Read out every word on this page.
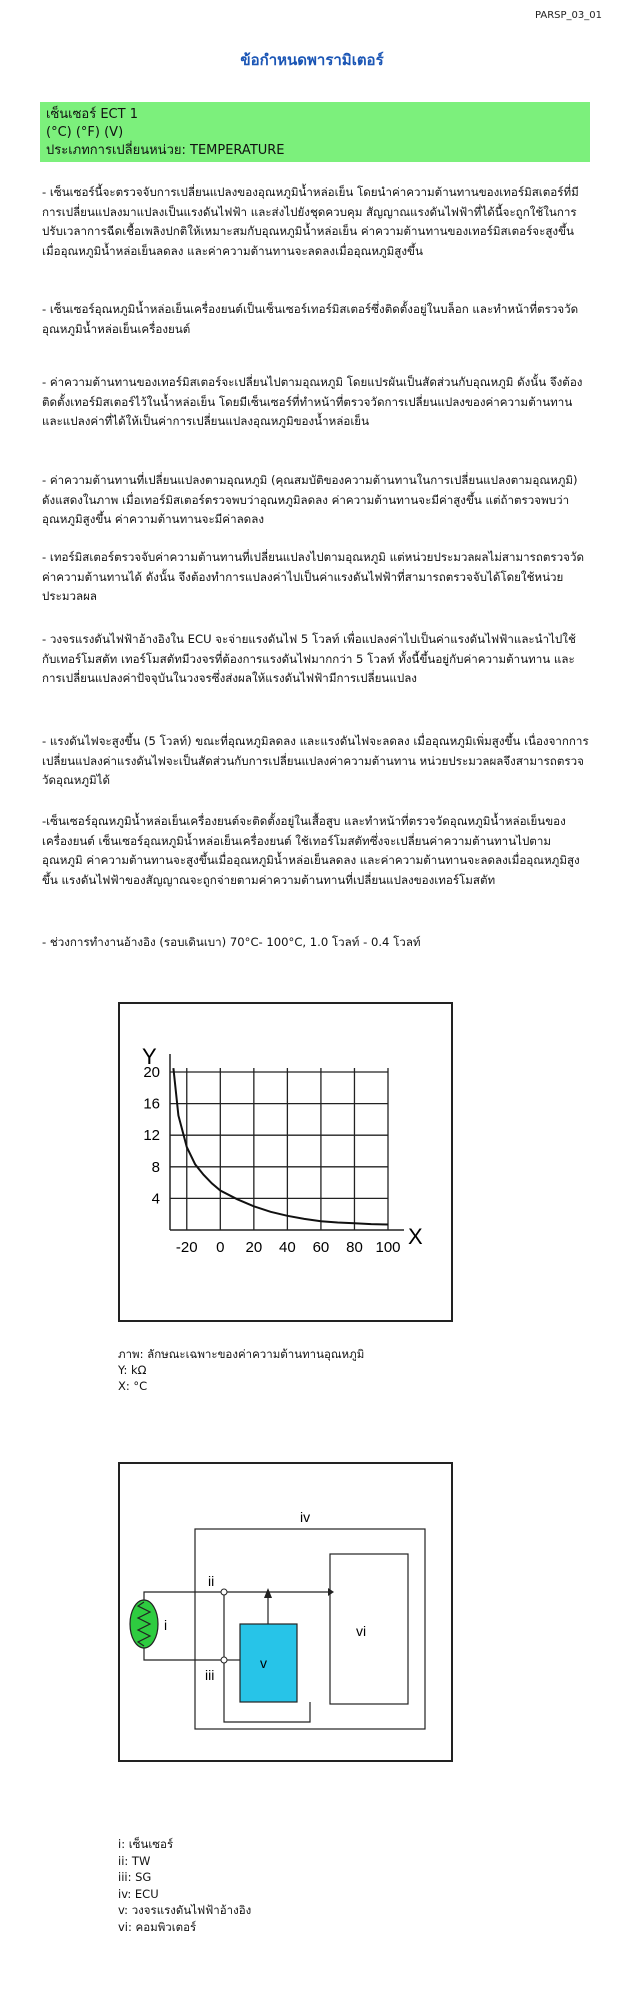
PARSP_03_01
ข้อกำหนดพารามิเตอร์
เซ็นเซอร์ ECT 1
(°C) (°F) (V)
ประเภทการเปลี่ยนหน่วย: TEMPERATURE
- เซ็นเซอร์นี้จะตรวจจับการเปลี่ยนแปลงของอุณหภูมิน้ำหล่อเย็น โดยนำค่าความต้านทานของเทอร์มิสเตอร์ที่มีการเปลี่ยนแปลงมาแปลงเป็นแรงดันไฟฟ้า และส่งไปยังชุดควบคุม สัญญาณแรงดันไฟฟ้าที่ได้นี้จะถูกใช้ในการปรับเวลาการฉีดเชื้อเพลิงปกติให้เหมาะสมกับอุณหภูมิน้ำหล่อเย็น ค่าความต้านทานของเทอร์มิสเตอร์จะสูงขึ้นเมื่ออุณหภูมิน้ำหล่อเย็นลดลง และค่าความต้านทานจะลดลงเมื่ออุณหภูมิสูงขึ้น
- เซ็นเซอร์อุณหภูมิน้ำหล่อเย็นเครื่องยนต์เป็นเซ็นเซอร์เทอร์มิสเตอร์ซึ่งติดตั้งอยู่ในบล็อก และทำหน้าที่ตรวจวัดอุณหภูมิน้ำหล่อเย็นเครื่องยนต์
- ค่าความต้านทานของเทอร์มิสเตอร์จะเปลี่ยนไปตามอุณหภูมิ โดยแปรผันเป็นสัดส่วนกับอุณหภูมิ ดังนั้น จึงต้องติดตั้งเทอร์มิสเตอร์ไว้ในน้ำหล่อเย็น โดยมีเซ็นเซอร์ที่ทำหน้าที่ตรวจวัดการเปลี่ยนแปลงของค่าความต้านทาน และแปลงค่าที่ได้ให้เป็นค่าการเปลี่ยนแปลงอุณหภูมิของน้ำหล่อเย็น
- ค่าความต้านทานที่เปลี่ยนแปลงตามอุณหภูมิ (คุณสมบัติของความต้านทานในการเปลี่ยนแปลงตามอุณหภูมิ) ดังแสดงในภาพ เมื่อเทอร์มิสเตอร์ตรวจพบว่าอุณหภูมิลดลง ค่าความต้านทานจะมีค่าสูงขึ้น แต่ถ้าตรวจพบว่าอุณหภูมิสูงขึ้น ค่าความต้านทานจะมีค่าลดลง
- เทอร์มิสเตอร์ตรวจจับค่าความต้านทานที่เปลี่ยนแปลงไปตามอุณหภูมิ แต่หน่วยประมวลผลไม่สามารถตรวจวัดค่าความต้านทานได้ ดังนั้น จึงต้องทำการแปลงค่าไปเป็นค่าแรงดันไฟฟ้าที่สามารถตรวจจับได้โดยใช้หน่วยประมวลผล
- วงจรแรงดันไฟฟ้าอ้างอิงใน ECU จะจ่ายแรงดันไฟ 5 โวลท์ เพื่อแปลงค่าไปเป็นค่าแรงดันไฟฟ้าและนำไปใช้กับเทอร์โมสตัท เทอร์โมสตัทมีวงจรที่ต้องการแรงดันไฟมากกว่า 5 โวลท์ ทั้งนี้ขึ้นอยู่กับค่าความต้านทาน และการเปลี่ยนแปลงค่าปัจจุบันในวงจรซึ่งส่งผลให้แรงดันไฟฟ้ามีการเปลี่ยนแปลง
- แรงดันไฟจะสูงขึ้น (5 โวลท์) ขณะที่อุณหภูมิลดลง และแรงดันไฟจะลดลง เมื่ออุณหภูมิเพิ่มสูงขึ้น เนื่องจากการเปลี่ยนแปลงค่าแรงดันไฟจะเป็นสัดส่วนกับการเปลี่ยนแปลงค่าความต้านทาน หน่วยประมวลผลจึงสามารถตรวจวัดอุณหภูมิได้
-เซ็นเซอร์อุณหภูมิน้ำหล่อเย็นเครื่องยนต์จะติดตั้งอยู่ในเสื้อสูบ และทำหน้าที่ตรวจวัดอุณหภูมิน้ำหล่อเย็นของเครื่องยนต์ เซ็นเซอร์อุณหภูมิน้ำหล่อเย็นเครื่องยนต์ ใช้เทอร์โมสตัทซึ่งจะเปลี่ยนค่าความต้านทานไปตามอุณหภูมิ ค่าความต้านทานจะสูงขึ้นเมื่ออุณหภูมิน้ำหล่อเย็นลดลง และค่าความต้านทานจะลดลงเมื่ออุณหภูมิสูงขึ้น แรงดันไฟฟ้าของสัญญาณจะถูกจ่ายตามค่าความต้านทานที่เปลี่ยนแปลงของเทอร์โมสตัท
- ช่วงการทำงานอ้างอิง (รอบเดินเบา) 70°C- 100°C, 1.0 โวลท์ - 0.4 โวลท์
-20 0 20 40 60 80 100
4
8
12
16
20
Y
X
ภาพ: ลักษณะเฉพาะของค่าความต้านทานอุณหภูมิ
Y: kΩ
X: °C
i
ii
iii
iv
v
vi
i: เซ็นเซอร์
ii: TW
iii: SG
iv: ECU
v: วงจรแรงดันไฟฟ้าอ้างอิง
vi: คอมพิวเตอร์
